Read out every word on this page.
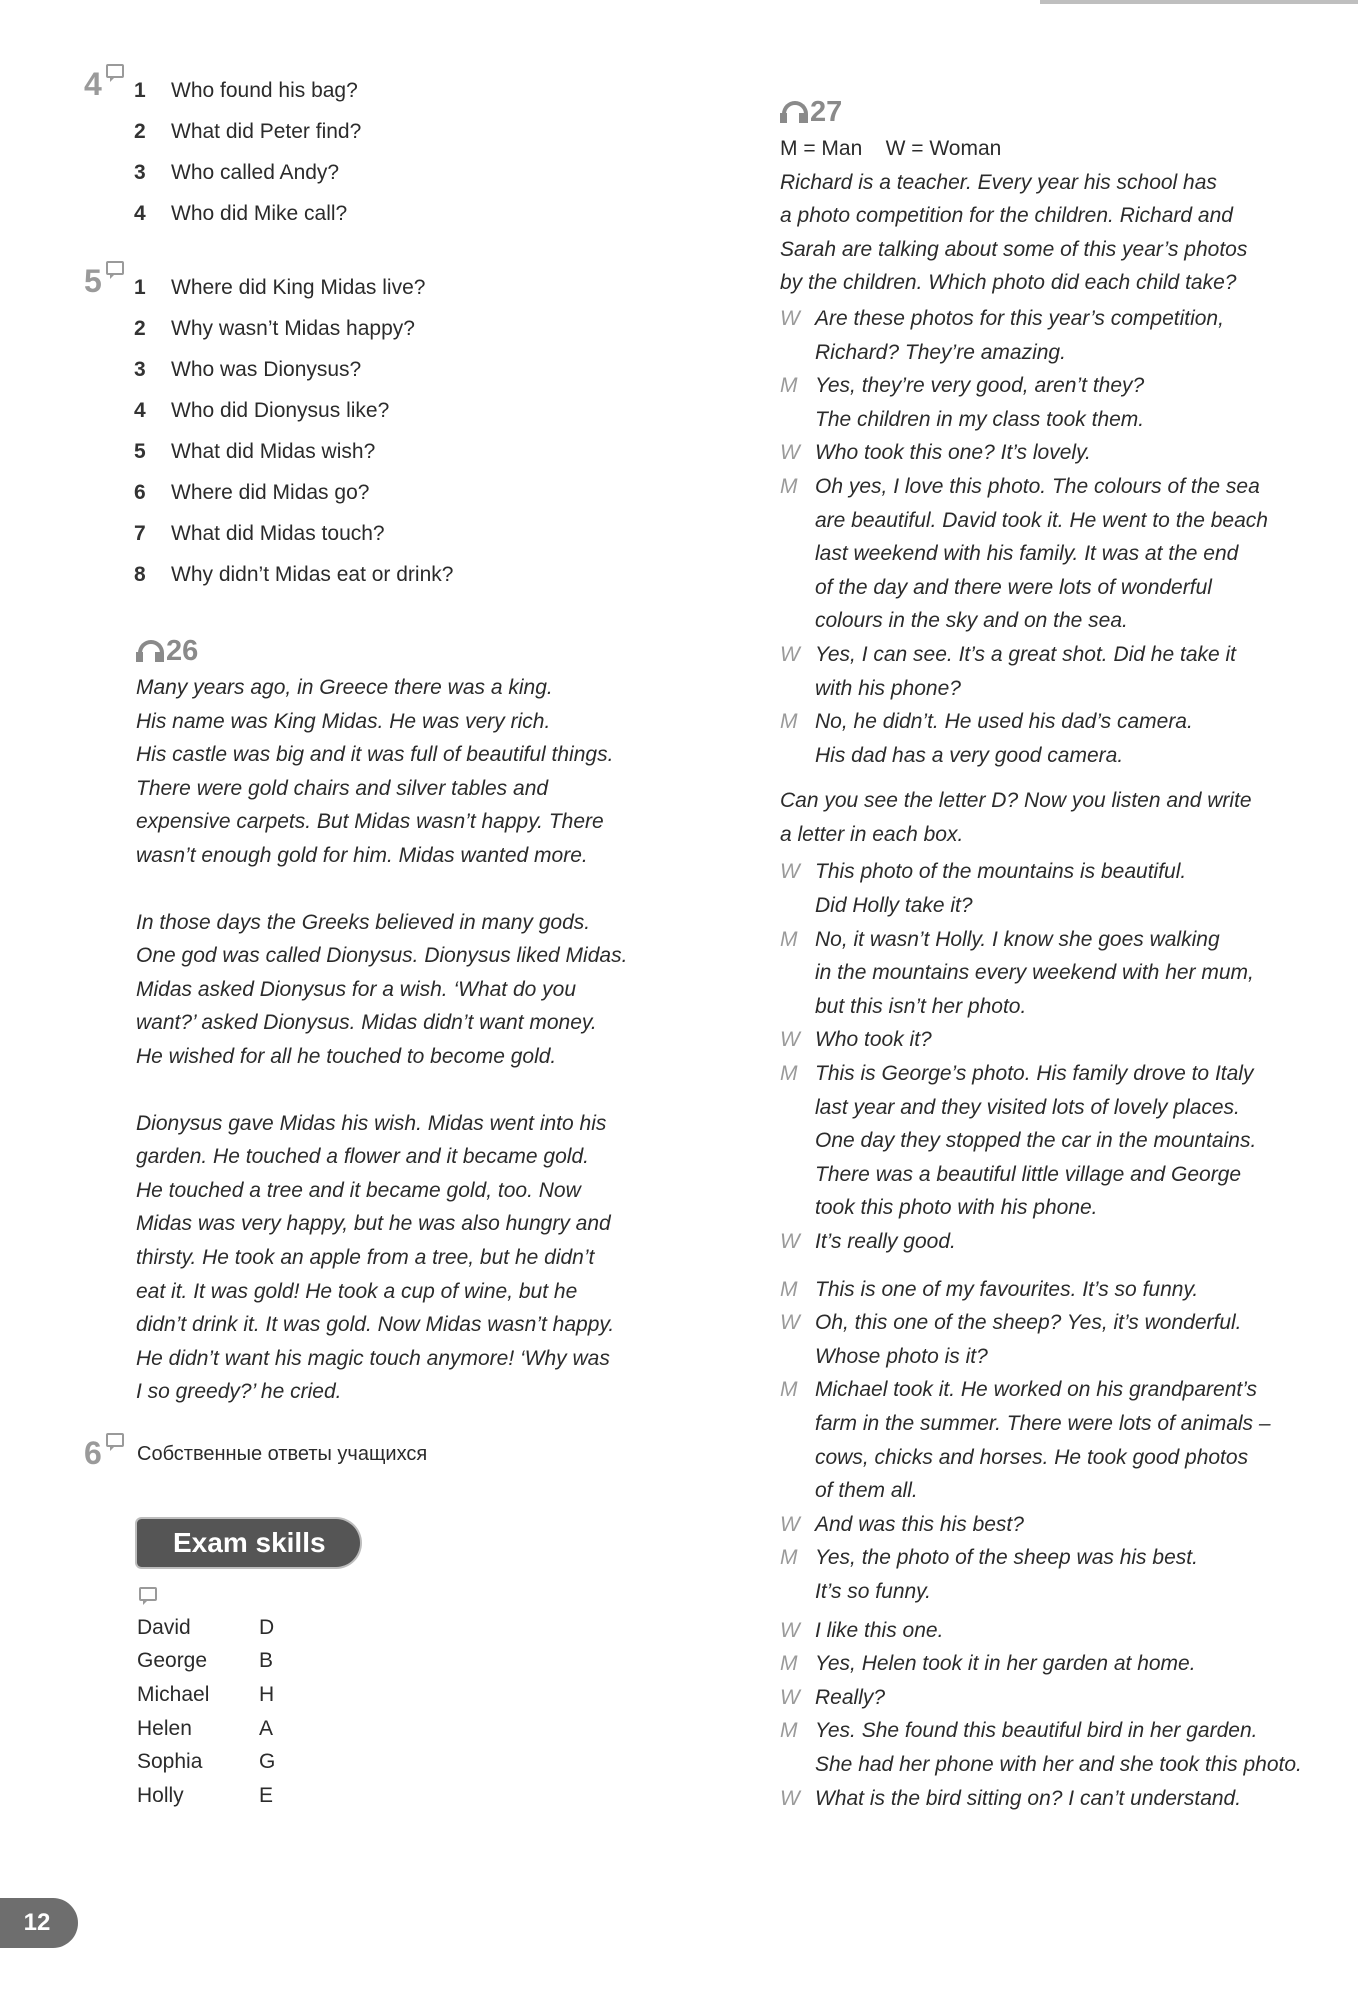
4 1	Who found his bag?
2	What did Peter find?
3	Who called Andy?
4	Who did Mike call?
5 1	Where did King Midas live?
2	Why wasn’t Midas happy?
3	Who was Dionysus?
4	Who did Dionysus like?
5	What did Midas wish?
6	Where did Midas go?
7	What did Midas touch?
8	Why didn’t Midas eat or drink?
26

Many years ago, in Greece there was a king.
His name was King Midas. He was very rich.
His castle was big and it was full of beautiful things.
There were gold chairs and silver tables and
expensive carpets. But Midas wasn’t happy. There
wasn’t enough gold for him. Midas wanted more.

In those days the Greeks believed in many gods.
One god was called Dionysus. Dionysus liked Midas.
Midas asked Dionysus for a wish. ‘What do you
want?’ asked Dionysus. Midas didn’t want money.
He wished for all he touched to become gold.

Dionysus gave Midas his wish. Midas went into his
garden. He touched a flower and it became gold.
He touched a tree and it became gold, too. Now
Midas was very happy, but he was also hungry and
thirsty. He took an apple from a tree, but he didn’t
eat it. It was gold! He took a cup of wine, but he
didn’t drink it. It was gold. Now Midas wasn’t happy.
He didn’t want his magic touch anymore! ‘Why was
I so greedy?’ he cried.

6	Собственные ответы учащихся
Exam skills
David	D
George	B
Michael	H
Helen	A
Sophia	G
Holly	E
27
M = Man    W = Woman

Richard is a teacher. Every year his school has
a photo competition for the children. Richard and
Sarah are talking about some of this year’s photos
by the children. Which photo did each child take?

W Are these photos for this year’s competition,
Richard? They’re amazing.
M Yes, they’re very good, aren’t they?
The children in my class took them.
W Who took this one? It’s lovely.
M Oh yes, I love this photo. The colours of the sea
are beautiful. David took it. He went to the beach
last weekend with his family. It was at the end
of the day and there were lots of wonderful
colours in the sky and on the sea.
W Yes, I can see. It’s a great shot. Did he take it
with his phone?
M No, he didn’t. He used his dad’s camera.
His dad has a very good camera.

Can you see the letter D? Now you listen and write
a letter in each box.

W This photo of the mountains is beautiful.
Did Holly take it?
M No, it wasn’t Holly. I know she goes walking
in the mountains every weekend with her mum,
but this isn’t her photo.
W Who took it?
M This is George’s photo. His family drove to Italy
last year and they visited lots of lovely places.
One day they stopped the car in the mountains.
There was a beautiful little village and George
took this photo with his phone.
W It’s really good.
M This is one of my favourites. It’s so funny.
W Oh, this one of the sheep? Yes, it’s wonderful.
Whose photo is it?
M Michael took it. He worked on his grandparent’s
farm in the summer. There were lots of animals –
cows, chicks and horses. He took good photos
of them all.
W And was this his best?
M Yes, the photo of the sheep was his best.
It’s so funny.
W I like this one.
M Yes, Helen took it in her garden at home.
W Really?
M Yes. She found this beautiful bird in her garden.
She had her phone with her and she took this photo.
W What is the bird sitting on? I can’t understand.
12
